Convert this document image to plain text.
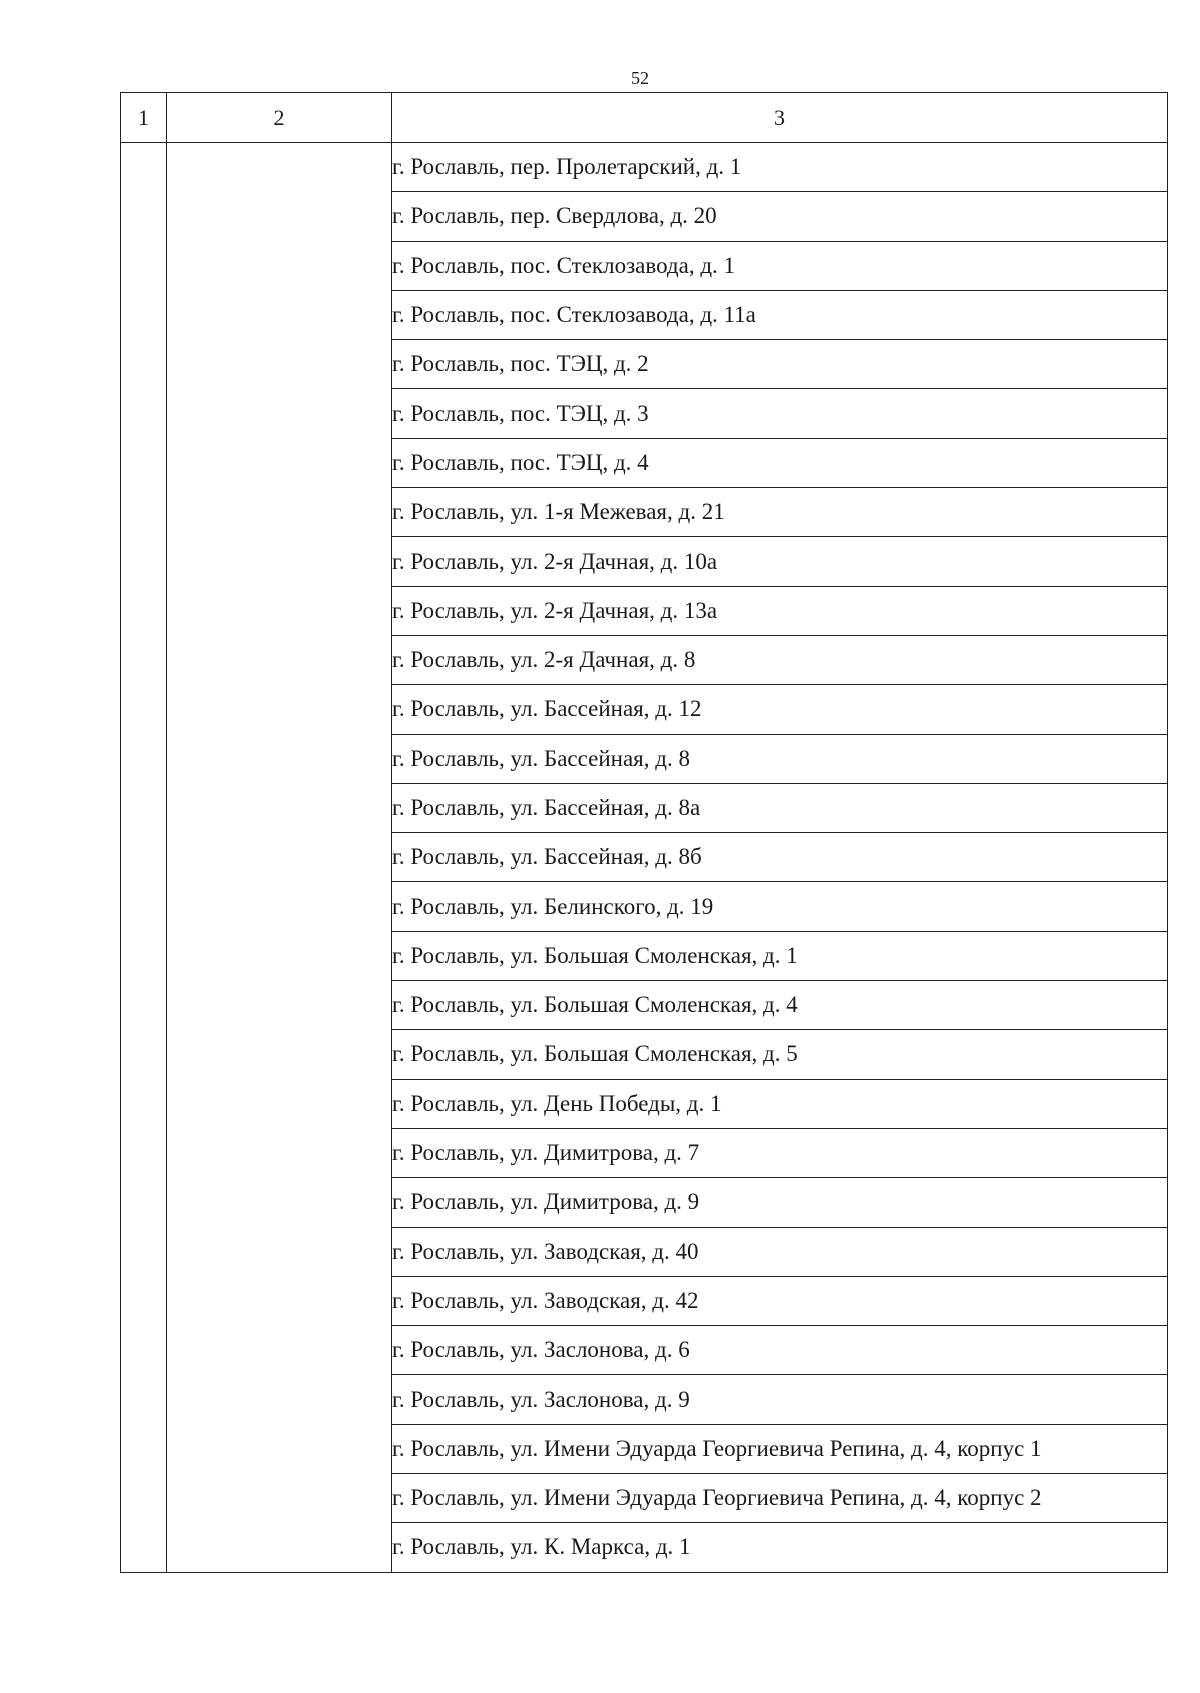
52
1	2	3
		г. Рославль, пер. Пролетарский, д. 1
		г. Рославль, пер. Свердлова, д. 20
		г. Рославль, пос. Стеклозавода, д. 1
		г. Рославль, пос. Стеклозавода, д. 11а
		г. Рославль, пос. ТЭЦ, д. 2
		г. Рославль, пос. ТЭЦ, д. 3
		г. Рославль, пос. ТЭЦ, д. 4
		г. Рославль, ул. 1-я Межевая, д. 21
		г. Рославль, ул. 2-я Дачная, д. 10а
		г. Рославль, ул. 2-я Дачная, д. 13а
		г. Рославль, ул. 2-я Дачная, д. 8
		г. Рославль, ул. Бассейная, д. 12
		г. Рославль, ул. Бассейная, д. 8
		г. Рославль, ул. Бассейная, д. 8а
		г. Рославль, ул. Бассейная, д. 8б
		г. Рославль, ул. Белинского, д. 19
		г. Рославль, ул. Большая Смоленская, д. 1
		г. Рославль, ул. Большая Смоленская, д. 4
		г. Рославль, ул. Большая Смоленская, д. 5
		г. Рославль, ул. День Победы, д. 1
		г. Рославль, ул. Димитрова, д. 7
		г. Рославль, ул. Димитрова, д. 9
		г. Рославль, ул. Заводская, д. 40
		г. Рославль, ул. Заводская, д. 42
		г. Рославль, ул. Заслонова, д. 6
		г. Рославль, ул. Заслонова, д. 9
		г. Рославль, ул. Имени Эдуарда Георгиевича Репина, д. 4, корпус 1
		г. Рославль, ул. Имени Эдуарда Георгиевича Репина, д. 4, корпус 2
		г. Рославль, ул. К. Маркса, д. 1
